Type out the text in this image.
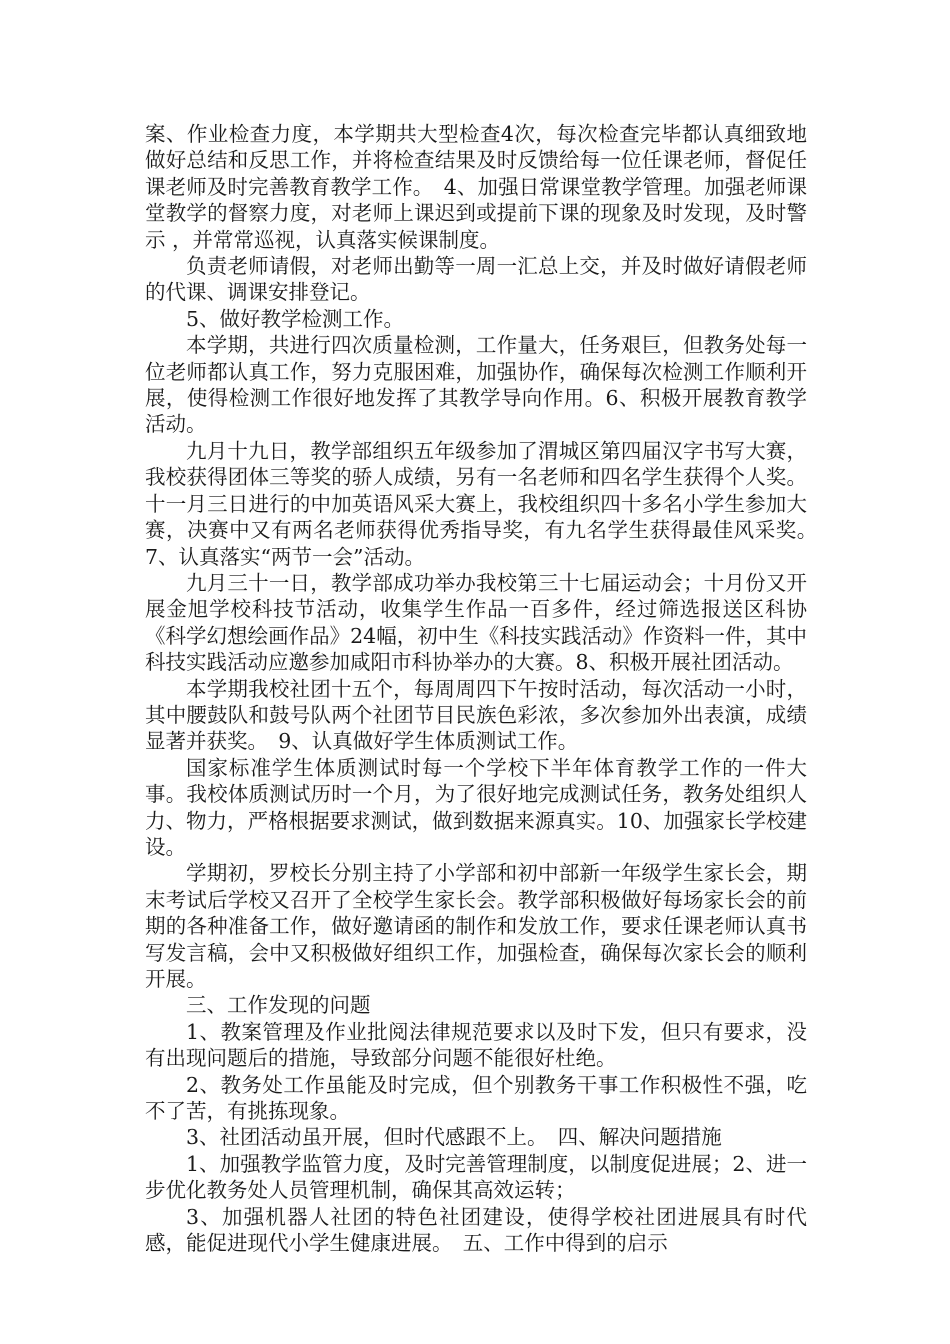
案、作业检查力度，本学期共大型检查4次，每次检查完毕都认真细致地做好总结和反思工作，并将检查结果及时反馈给每一位任课老师，督促任课老师及时完善教育教学工作。　4、加强日常课堂教学管理。加强老师课堂教学的督察力度，对老师上课迟到或提前下课的现象及时发现，及时警示 ，并常常巡视，认真落实候课制度。

负责老师请假，对老师出勤等一周一汇总上交，并及时做好请假老师的代课、调课安排登记。

5、做好教学检测工作。

本学期，共进行四次质量检测，工作量大，任务艰巨，但教务处每一位老师都认真工作，努力克服困难，加强协作，确保每次检测工作顺利开展，使得检测工作很好地发挥了其教学导向作用。6、积极开展教育教学活动。

九月十九日，教学部组织五年级参加了渭城区第四届汉字书写大赛，我校获得团体三等奖的骄人成绩，另有一名老师和四名学生获得个人奖。十一月三日进行的中加英语风采大赛上，我校组织四十多名小学生参加大赛，决赛中又有两名老师获得优秀指导奖，有九名学生获得最佳风采奖。　7、认真落实“两节一会”活动。

九月三十一日，教学部成功举办我校第三十七届运动会；十月份又开展金旭学校科技节活动，收集学生作品一百多件，经过筛选报送区科协《科学幻想绘画作品》24幅，初中生《科技实践活动》作资料一件，其中科技实践活动应邀参加咸阳市科协举办的大赛。8、积极开展社团活动。

本学期我校社团十五个，每周周四下午按时活动，每次活动一小时，其中腰鼓队和鼓号队两个社团节目民族色彩浓，多次参加外出表演，成绩显著并获奖。　9、认真做好学生体质测试工作。

国家标准学生体质测试时每一个学校下半年体育教学工作的一件大事。我校体质测试历时一个月，为了很好地完成测试任务，教务处组织人力、物力，严格根据要求测试，做到数据来源真实。10、加强家长学校建设。

学期初，罗校长分别主持了小学部和初中部新一年级学生家长会，期末考试后学校又召开了全校学生家长会。教学部积极做好每场家长会的前期的各种准备工作，做好邀请函的制作和发放工作，要求任课老师认真书写发言稿，会中又积极做好组织工作，加强检查，确保每次家长会的顺利开展。

三、工作发现的问题

1、教案管理及作业批阅法律规范要求以及时下发，但只有要求，没有出现问题后的措施，导致部分问题不能很好杜绝。

2、教务处工作虽能及时完成，但个别教务干事工作积极性不强，吃不了苦，有挑拣现象。

3、社团活动虽开展，但时代感跟不上。　四、解决问题措施

1、加强教学监管力度，及时完善管理制度，以制度促进展；2、进一步优化教务处人员管理机制，确保其高效运转；

3、加强机器人社团的特色社团建设，使得学校社团进展具有时代感，能促进现代小学生健康进展。　五、工作中得到的启示
